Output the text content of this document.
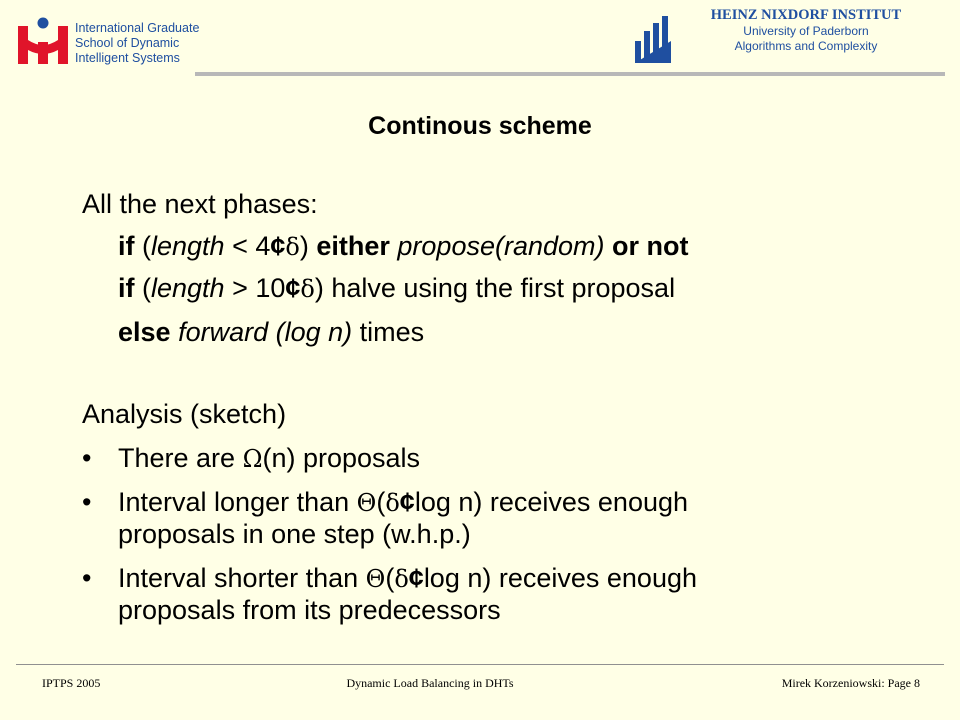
International Graduate
School of Dynamic
Intelligent Systems
HEINZ NIXDORF INSTITUT
University of Paderborn
Algorithms and Complexity
Continous scheme
All the next phases:
if (length < 4¢δ) either propose(random) or not
if (length > 10¢δ) halve using the first proposal
else forward (log n) times
Analysis (sketch)
• There are Ω(n) proposals
• Interval longer than Θ(δ¢log n) receives enough
proposals in one step (w.h.p.)
• Interval shorter than Θ(δ¢log n) receives enough
proposals from its predecessors
IPTPS 2005	Dynamic Load Balancing in DHTs	Mirek Korzeniowski: Page 8
